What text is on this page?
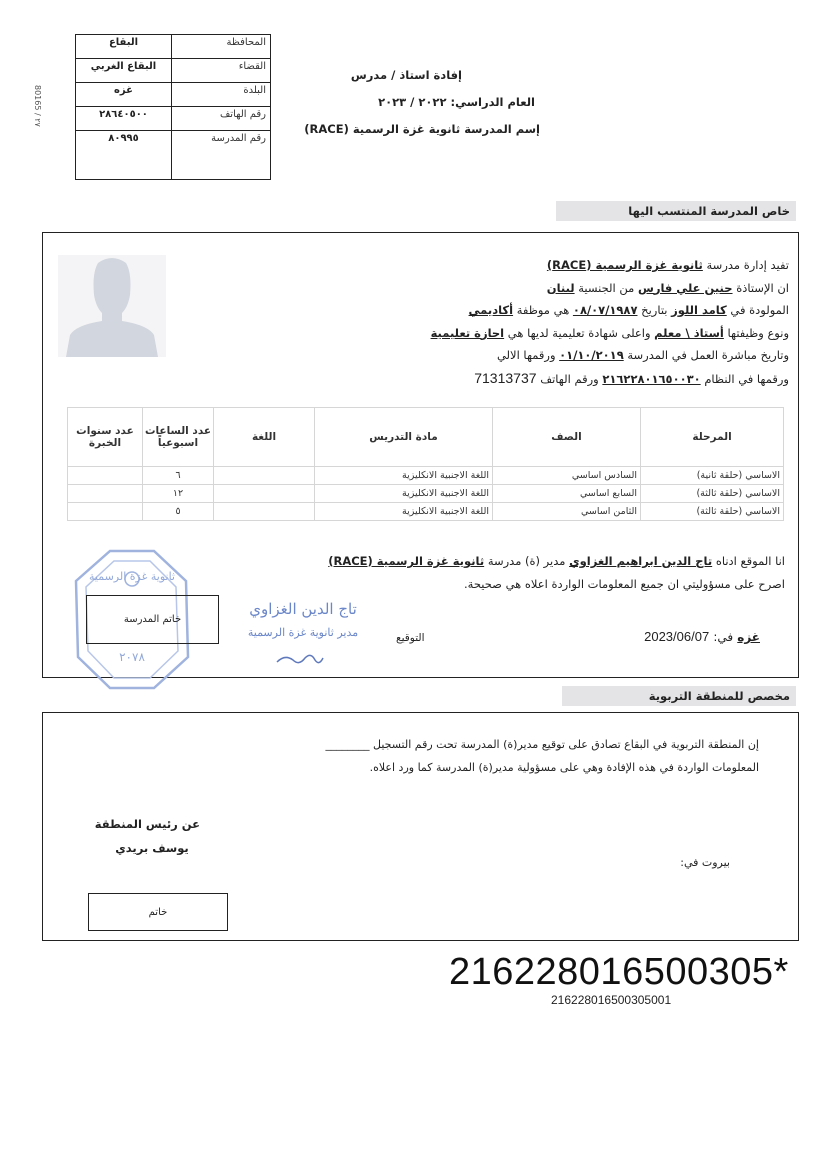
80165 / ٢٧
البقاع	المحافظة
البقاع الغربي	القضاء
غزه	البلدة
٢٨٦٤٠٥٠٠	رقم الهاتف
٨٠٩٩٥	رقم المدرسة
إفادة استاذ / مدرس
العام الدراسي: ٢٠٢٢ / ٢٠٢٣
إسم المدرسة ثانوية غزة الرسمية (RACE)
خاص المدرسة المنتسب اليها
تفيد إدارة مدرسة ثانوية غزة الرسمية (RACE)
ان الإستاذة حنين علي فارس من الجنسية لبنان
المولودة في كامد اللوز بتاريخ ٠٨/٠٧/١٩٨٧ هي موظفة أكاديمي
ونوع وظيفتها أستاذ \ معلم واعلى شهادة تعليمية لديها هي اجازة تعليمية
وتاريخ مباشرة العمل في المدرسة ٠١/١٠/٢٠١٩ ورقمها الالي
ورقمها في النظام ٢١٦٢٢٨٠١٦٥٠٠٣٠ ورقم الهاتف 71313737
المرحلة	الصف	مادة التدريس	اللغة	عدد الساعات اسبوعياً	عدد سنوات الخبرة
الاساسي (حلقة ثانية)	السادس اساسي	اللغة الاجنبية الانكليزية		٦	
الاساسي (حلقة ثالثة)	السابع اساسي	اللغة الاجنبية الانكليزية		١٢	
الاساسي (حلقة ثالثة)	الثامن اساسي	اللغة الاجنبية الانكليزية		٥	
انا الموقع ادناه تاج الدين ابراهيم الغزاوي مدير (ة) مدرسة ثانوية غزة الرسمية (RACE)
اصرح على مسؤوليتي ان جميع المعلومات الواردة اعلاه هي صحيحة.
غزه في: 2023/06/07
التوقيع
ثانوية غزة الرسمية
٢٠٧٨
خاتم المدرسة
تاج الدين الغزاوي
مدير ثانوية غزة الرسمية
مخصص للمنطقة التربوية
إن المنطقة التربوية في البقاع تصادق على توقيع مدير(ة) المدرسة تحت رقم التسجيل ________
المعلومات الواردة في هذه الإفادة وهي على مسؤولية مدير(ة) المدرسة كما ورد اعلاه.
عن رئيس المنطقة
يوسف بريدي
بيروت في:
خاتم
216228016500305*
216228016500305001
